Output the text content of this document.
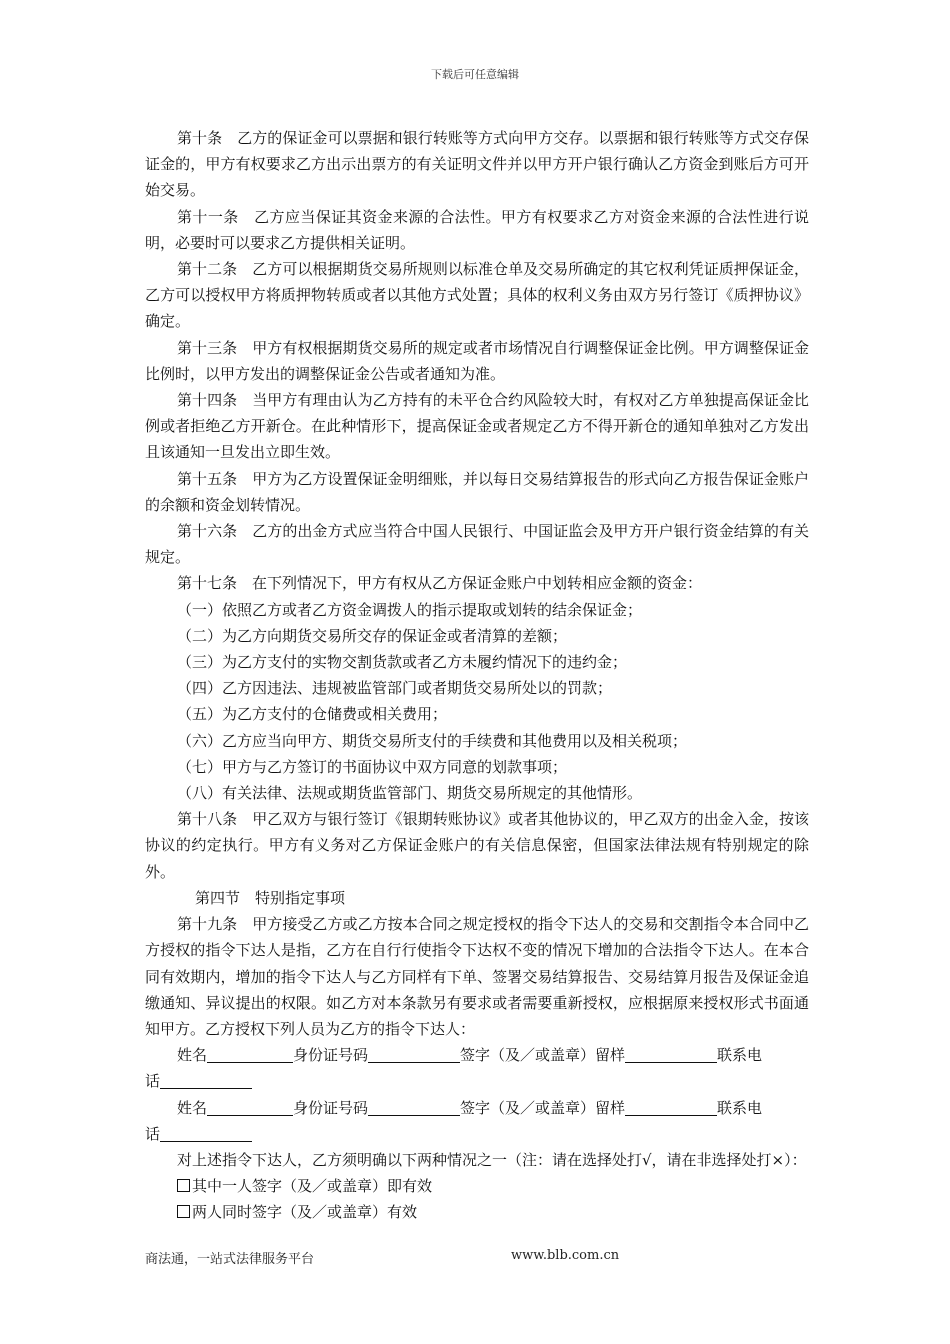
下载后可任意编辑

第十条　乙方的保证金可以票据和银行转账等方式向甲方交存。以票据和银行转账等方式交存保证金的，甲方有权要求乙方出示出票方的有关证明文件并以甲方开户银行确认乙方资金到账后方可开始交易。

第十一条　乙方应当保证其资金来源的合法性。甲方有权要求乙方对资金来源的合法性进行说明，必要时可以要求乙方提供相关证明。

第十二条　乙方可以根据期货交易所规则以标准仓单及交易所确定的其它权利凭证质押保证金，乙方可以授权甲方将质押物转质或者以其他方式处置；具体的权利义务由双方另行签订《质押协议》确定。

第十三条　甲方有权根据期货交易所的规定或者市场情况自行调整保证金比例。甲方调整保证金比例时，以甲方发出的调整保证金公告或者通知为准。

第十四条　当甲方有理由认为乙方持有的未平仓合约风险较大时，有权对乙方单独提高保证金比例或者拒绝乙方开新仓。在此种情形下，提高保证金或者规定乙方不得开新仓的通知单独对乙方发出且该通知一旦发出立即生效。

第十五条　甲方为乙方设置保证金明细账，并以每日交易结算报告的形式向乙方报告保证金账户的余额和资金划转情况。

第十六条　乙方的出金方式应当符合中国人民银行、中国证监会及甲方开户银行资金结算的有关规定。

第十七条　在下列情况下，甲方有权从乙方保证金账户中划转相应金额的资金：

（一）依照乙方或者乙方资金调拨人的指示提取或划转的结余保证金；

（二）为乙方向期货交易所交存的保证金或者清算的差额；

（三）为乙方支付的实物交割货款或者乙方未履约情况下的违约金；

（四）乙方因违法、违规被监管部门或者期货交易所处以的罚款；

（五）为乙方支付的仓储费或相关费用；

（六）乙方应当向甲方、期货交易所支付的手续费和其他费用以及相关税项；

（七）甲方与乙方签订的书面协议中双方同意的划款事项；

（八）有关法律、法规或期货监管部门、期货交易所规定的其他情形。

第十八条　甲乙双方与银行签订《银期转账协议》或者其他协议的，甲乙双方的出金入金，按该协议的约定执行。甲方有义务对乙方保证金账户的有关信息保密，但国家法律法规有特别规定的除外。

第四节　特别指定事项

第十九条　甲方接受乙方或乙方按本合同之规定授权的指令下达人的交易和交割指令本合同中乙方授权的指令下达人是指，乙方在自行行使指令下达权不变的情况下增加的合法指令下达人。在本合同有效期内，增加的指令下达人与乙方同样有下单、签署交易结算报告、交易结算月报告及保证金追缴通知、异议提出的权限。如乙方对本条款另有要求或者需要重新授权，应根据原来授权形式书面通知甲方。乙方授权下列人员为乙方的指令下达人：

姓名	身份证号码	签字（及／或盖章）留样	联系电

话

姓名	身份证号码	签字（及／或盖章）留样	联系电

话

对上述指令下达人，乙方须明确以下两种情况之一（注：请在选择处打√，请在非选择处打×）：

其中一人签字（及／或盖章）即有效

两人同时签字（及／或盖章）有效

商法通，一站式法律服务平台	www.blb.com.cn
